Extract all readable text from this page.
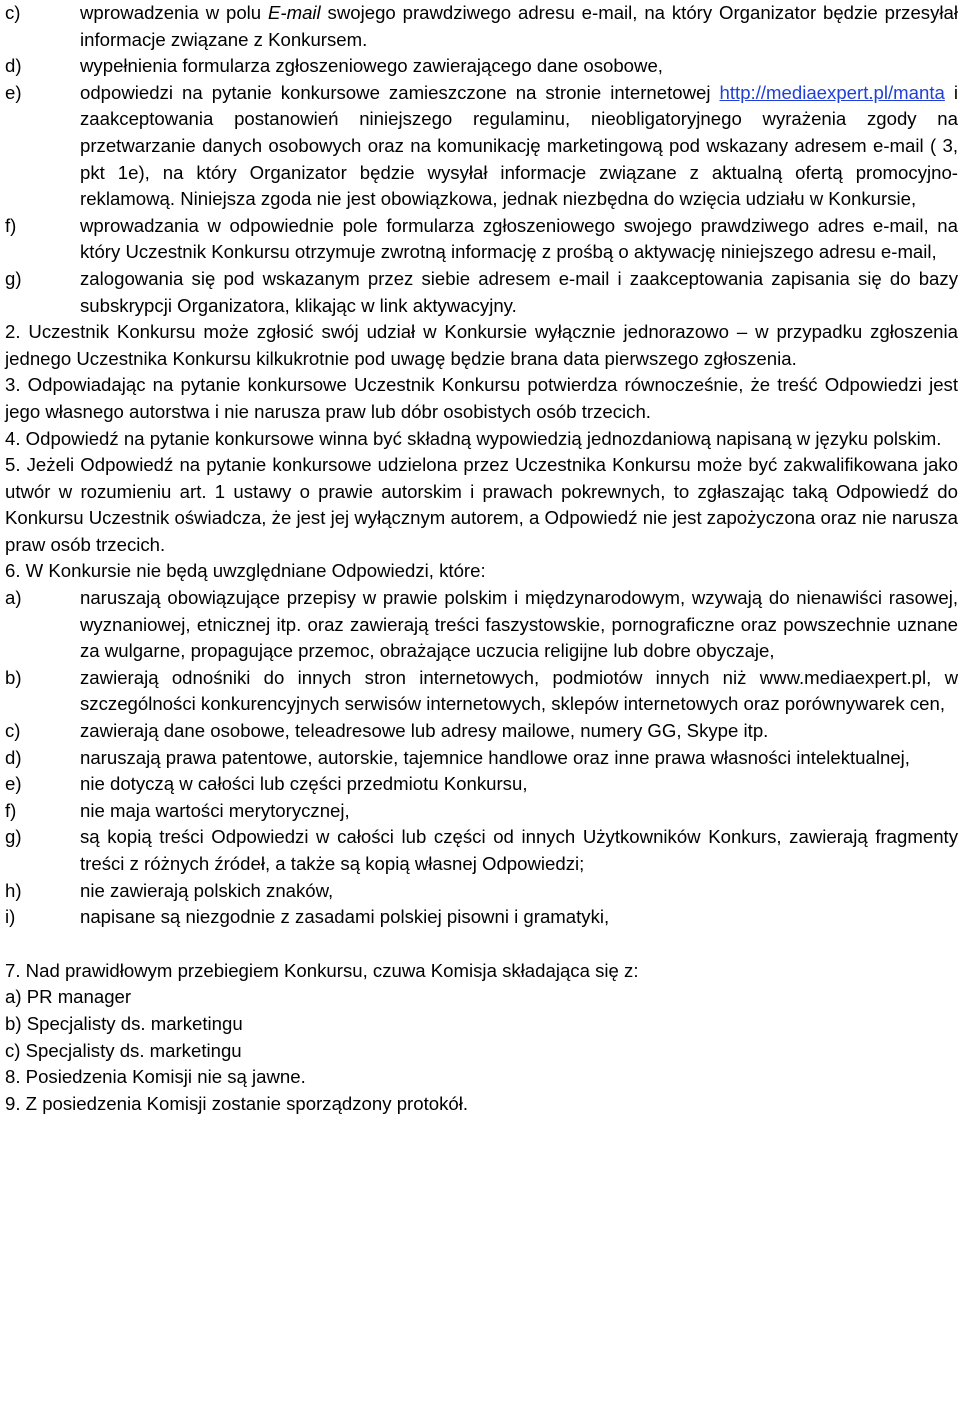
c)	wprowadzenia w polu E-mail swojego prawdziwego adresu e-mail, na który Organizator będzie przesyłał informacje związane z Konkursem.
d)	wypełnienia formularza zgłoszeniowego zawierającego dane osobowe,
e)	odpowiedzi na pytanie konkursowe zamieszczone na stronie internetowej http://mediaexpert.pl/manta i zaakceptowania postanowień niniejszego regulaminu, nieobligatoryjnego wyrażenia zgody na przetwarzanie danych osobowych oraz na komunikację marketingową pod wskazany adresem e-mail ( 3, pkt 1e), na który Organizator będzie wysyłał informacje związane z aktualną ofertą promocyjno-reklamową. Niniejsza zgoda nie jest obowiązkowa, jednak niezbędna do wzięcia udziału w Konkursie,
f)	wprowadzania w odpowiednie pole formularza zgłoszeniowego swojego prawdziwego adres e-mail, na który Uczestnik Konkursu otrzymuje zwrotną informację z prośbą o aktywację niniejszego adresu e-mail,
g)	zalogowania się pod wskazanym przez siebie adresem e-mail i zaakceptowania zapisania się do bazy subskrypcji Organizatora, klikając w link aktywacyjny.
2. Uczestnik Konkursu może zgłosić swój udział w Konkursie wyłącznie jednorazowo – w przypadku zgłoszenia jednego Uczestnika Konkursu kilkukrotnie pod uwagę będzie brana data pierwszego zgłoszenia.
3. Odpowiadając na pytanie konkursowe Uczestnik Konkursu potwierdza równocześnie, że treść Odpowiedzi jest jego własnego autorstwa i nie narusza praw lub dóbr osobistych osób trzecich.
4. Odpowiedź na pytanie konkursowe winna być składną wypowiedzią jednozdaniową napisaną w języku polskim.
5. Jeżeli Odpowiedź na pytanie konkursowe udzielona przez Uczestnika Konkursu może być zakwalifikowana jako utwór w rozumieniu art. 1 ustawy o prawie autorskim i prawach pokrewnych, to zgłaszając taką Odpowiedź do Konkursu Uczestnik oświadcza, że jest jej wyłącznym autorem, a Odpowiedź nie jest zapożyczona oraz nie narusza praw osób trzecich.
6. W Konkursie nie będą uwzględniane Odpowiedzi, które:
a)	naruszają obowiązujące przepisy w prawie polskim i międzynarodowym, wzywają do nienawiści rasowej, wyznaniowej, etnicznej itp. oraz zawierają treści faszystowskie, pornograficzne oraz powszechnie uznane za wulgarne, propagujące przemoc, obrażające uczucia religijne lub dobre obyczaje,
b)	zawierają odnośniki do innych stron internetowych, podmiotów innych niż www.mediaexpert.pl, w szczególności konkurencyjnych serwisów internetowych, sklepów internetowych oraz porównywarek cen,
c)	zawierają dane osobowe, teleadresowe lub adresy mailowe, numery GG, Skype itp.
d)	naruszają prawa patentowe, autorskie, tajemnice handlowe oraz inne prawa własności intelektualnej,
e)	nie dotyczą w całości lub części przedmiotu Konkursu,
f)	nie maja wartości merytorycznej,
g)	są kopią treści Odpowiedzi w całości lub części od innych Użytkowników Konkurs, zawierają fragmenty treści z różnych źródeł, a także są kopią własnej Odpowiedzi;
h)	nie zawierają polskich znaków,
i)	napisane są niezgodnie z zasadami polskiej pisowni i gramatyki,
7. Nad prawidłowym przebiegiem Konkursu, czuwa Komisja składająca się z:
a) PR manager
b) Specjalisty ds. marketingu
c) Specjalisty ds. marketingu
8. Posiedzenia Komisji nie są jawne.
9. Z posiedzenia Komisji zostanie sporządzony protokół.
